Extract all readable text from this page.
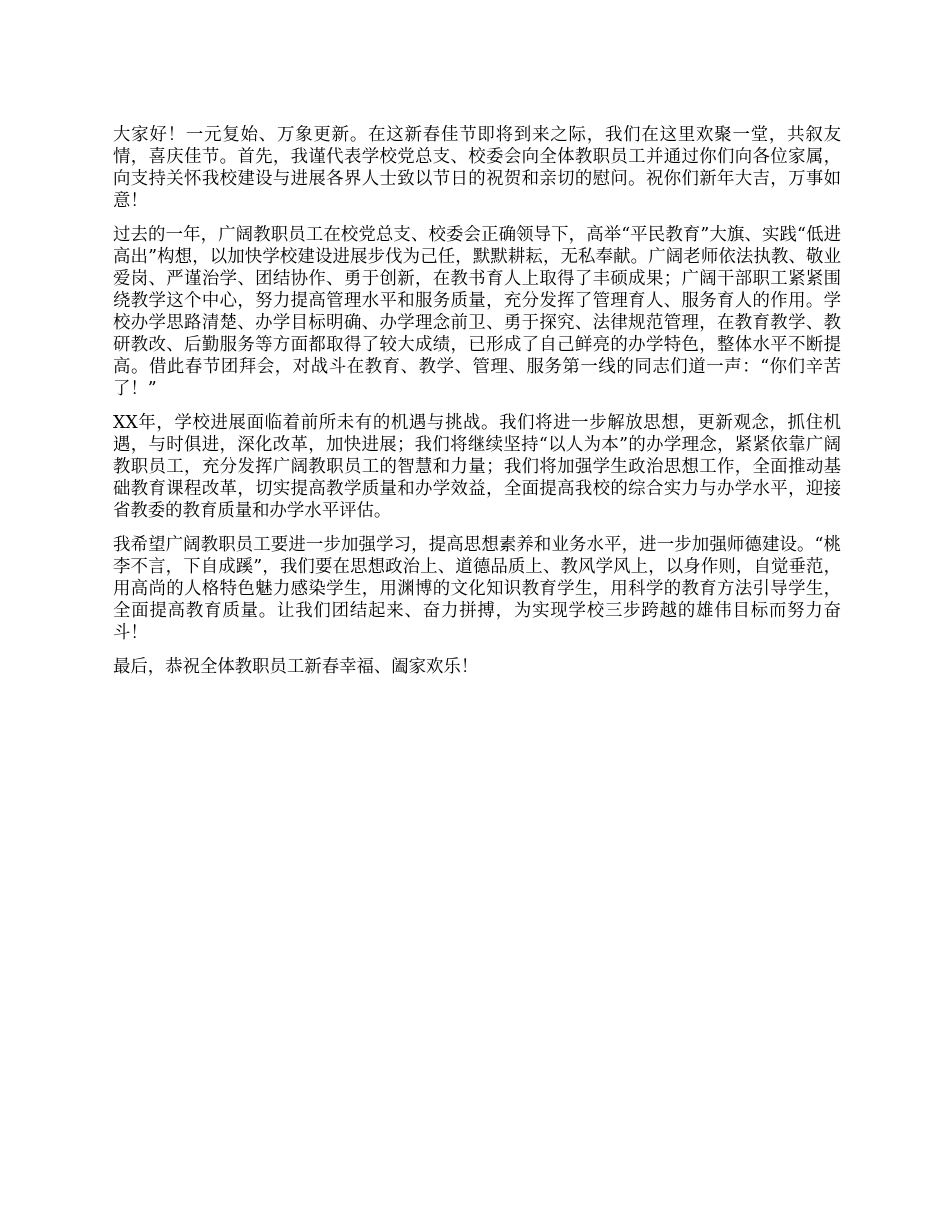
大家好！一元复始、万象更新。在这新春佳节即将到来之际，我们在这里欢聚一堂，共叙友情，喜庆佳节。首先，我谨代表学校党总支、校委会向全体教职员工并通过你们向各位家属，向支持关怀我校建设与进展各界人士致以节日的祝贺和亲切的慰问。祝你们新年大吉，万事如意！

过去的一年，广阔教职员工在校党总支、校委会正确领导下，高举“平民教育”大旗、实践“低进高出”构想，以加快学校建设进展步伐为己任，默默耕耘，无私奉献。广阔老师依法执教、敬业爱岗、严谨治学、团结协作、勇于创新，在教书育人上取得了丰硕成果；广阔干部职工紧紧围绕教学这个中心，努力提高管理水平和服务质量，充分发挥了管理育人、服务育人的作用。学校办学思路清楚、办学目标明确、办学理念前卫、勇于探究、法律规范管理，在教育教学、教研教改、后勤服务等方面都取得了较大成绩，已形成了自己鲜亮的办学特色，整体水平不断提高。借此春节团拜会，对战斗在教育、教学、管理、服务第一线的同志们道一声：“你们辛苦了！”

XX年，学校进展面临着前所未有的机遇与挑战。我们将进一步解放思想，更新观念，抓住机遇，与时俱进，深化改革，加快进展；我们将继续坚持“以人为本”的办学理念，紧紧依靠广阔教职员工，充分发挥广阔教职员工的智慧和力量；我们将加强学生政治思想工作，全面推动基础教育课程改革，切实提高教学质量和办学效益，全面提高我校的综合实力与办学水平，迎接省教委的教育质量和办学水平评估。

我希望广阔教职员工要进一步加强学习，提高思想素养和业务水平，进一步加强师德建设。“桃李不言，下自成蹊”，我们要在思想政治上、道德品质上、教风学风上，以身作则，自觉垂范，用高尚的人格特色魅力感染学生，用渊博的文化知识教育学生，用科学的教育方法引导学生，全面提高教育质量。让我们团结起来、奋力拼搏，为实现学校三步跨越的雄伟目标而努力奋斗！

最后，恭祝全体教职员工新春幸福、阖家欢乐！
